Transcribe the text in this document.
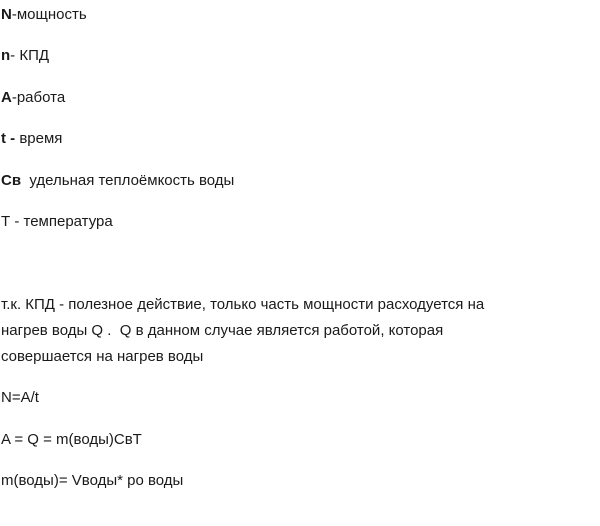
N-мощность
n- КПД
A-работа
t - время
Cв  удельная теплоёмкость воды
Т - температура
т.к. КПД - полезное действие, только часть мощности расходуется на
нагрев воды Q .  Q в данном случае является работой, которая
совершается на нагрев воды
N=A/t
A = Q = m(воды)CвT
m(воды)= Vводы* ро воды
